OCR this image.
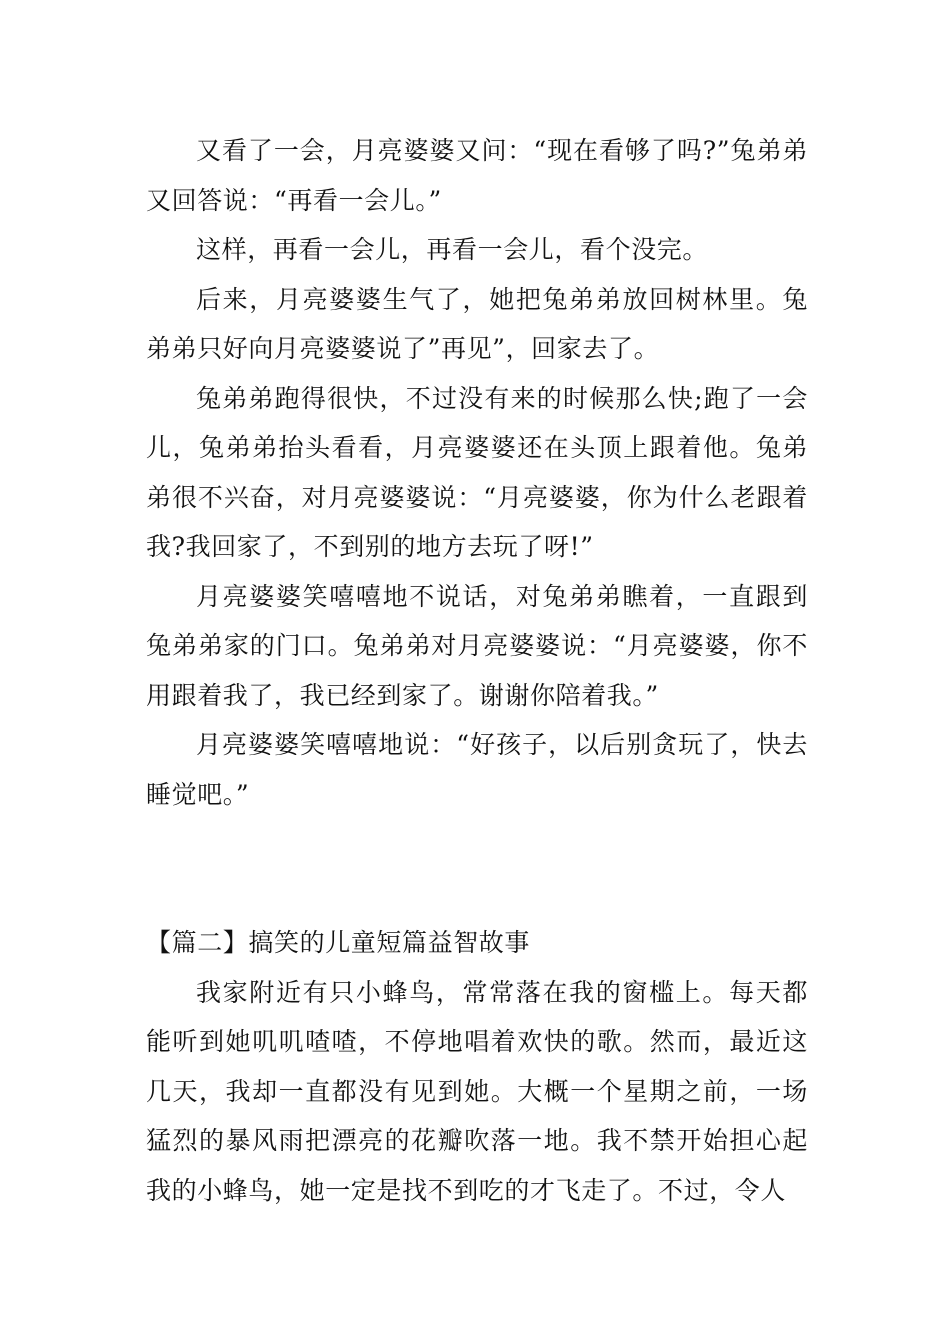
又看了一会，月亮婆婆又问：“现在看够了吗?”兔弟弟又回答说：“再看一会儿。”

这样，再看一会儿，再看一会儿，看个没完。

后来，月亮婆婆生气了，她把兔弟弟放回树林里。兔弟弟只好向月亮婆婆说了”再见”，回家去了。

兔弟弟跑得很快，不过没有来的时候那么快;跑了一会儿，兔弟弟抬头看看，月亮婆婆还在头顶上跟着他。兔弟弟很不兴奋，对月亮婆婆说：“月亮婆婆，你为什么老跟着我?我回家了，不到别的地方去玩了呀!”

月亮婆婆笑嘻嘻地不说话，对兔弟弟瞧着，一直跟到兔弟弟家的门口。兔弟弟对月亮婆婆说：“月亮婆婆，你不用跟着我了，我已经到家了。谢谢你陪着我。”

月亮婆婆笑嘻嘻地说：“好孩子，以后别贪玩了，快去睡觉吧。”

【篇二】搞笑的儿童短篇益智故事

我家附近有只小蜂鸟，常常落在我的窗槛上。每天都能听到她叽叽喳喳，不停地唱着欢快的歌。然而，最近这几天，我却一直都没有见到她。大概一个星期之前，一场猛烈的暴风雨把漂亮的花瓣吹落一地。我不禁开始担心起我的小蜂鸟，她一定是找不到吃的才飞走了。不过，令人
